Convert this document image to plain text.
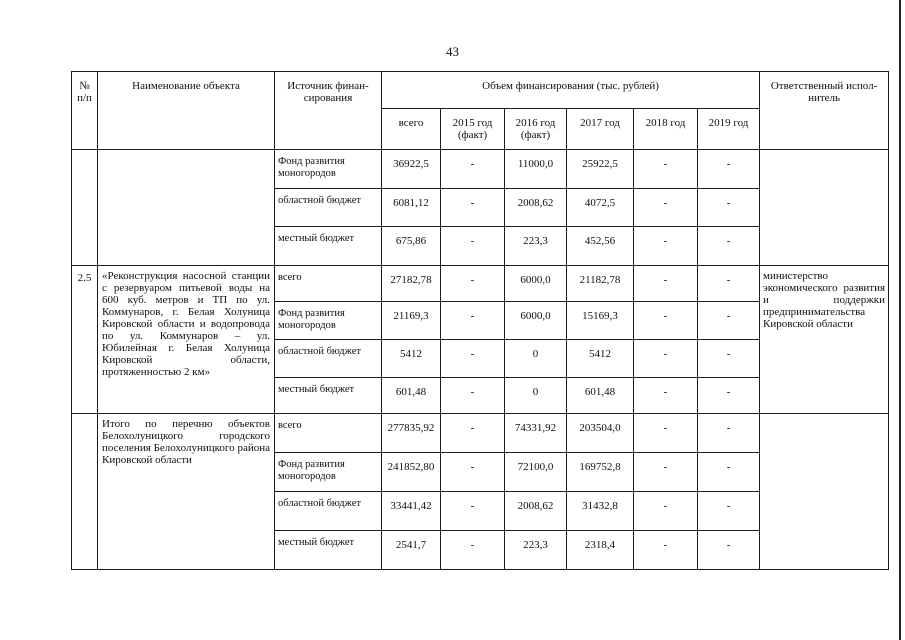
43
№ п/п	Наименование объекта	Источник финан-сирования	Объем финансирования (тыс. рублей)						Ответственный испол-нитель
			всего	2015 год (факт)	2016 год (факт)	2017 год	2018 год	2019 год	
		Фонд развития моногородов	36922,5	-	11000,0	25922,5	-	-	
		областной бюджет	6081,12	-	2008,62	4072,5	-	-	
		местный бюджет	675,86	-	223,3	452,56	-	-	
2.5	«Реконструкция насосной станции с резервуаром питьевой воды на 600 куб. метров и ТП по ул. Коммунаров, г. Белая Холуница Кировской области и водопровода по ул. Коммунаров – ул. Юбилейная г. Белая Холуница Кировской области, протяженностью 2 км»	всего	27182,78	-	6000,0	21182,78	-	-	министерство экономического развития и поддержки предпринимательства Кировской области
		Фонд развития моногородов	21169,3	-	6000,0	15169,3	-	-	
		областной бюджет	5412	-	0	5412	-	-	
		местный бюджет	601,48	-	0	601,48	-	-	
	Итого по перечню объектов Белохолуницкого городского поселения Белохолуницкого района Кировской области	всего	277835,92	-	74331,92	203504,0	-	-	
		Фонд развития моногородов	241852,80	-	72100,0	169752,8	-	-	
		областной бюджет	33441,42	-	2008,62	31432,8	-	-	
		местный бюджет	2541,7	-	223,3	2318,4	-	-	
